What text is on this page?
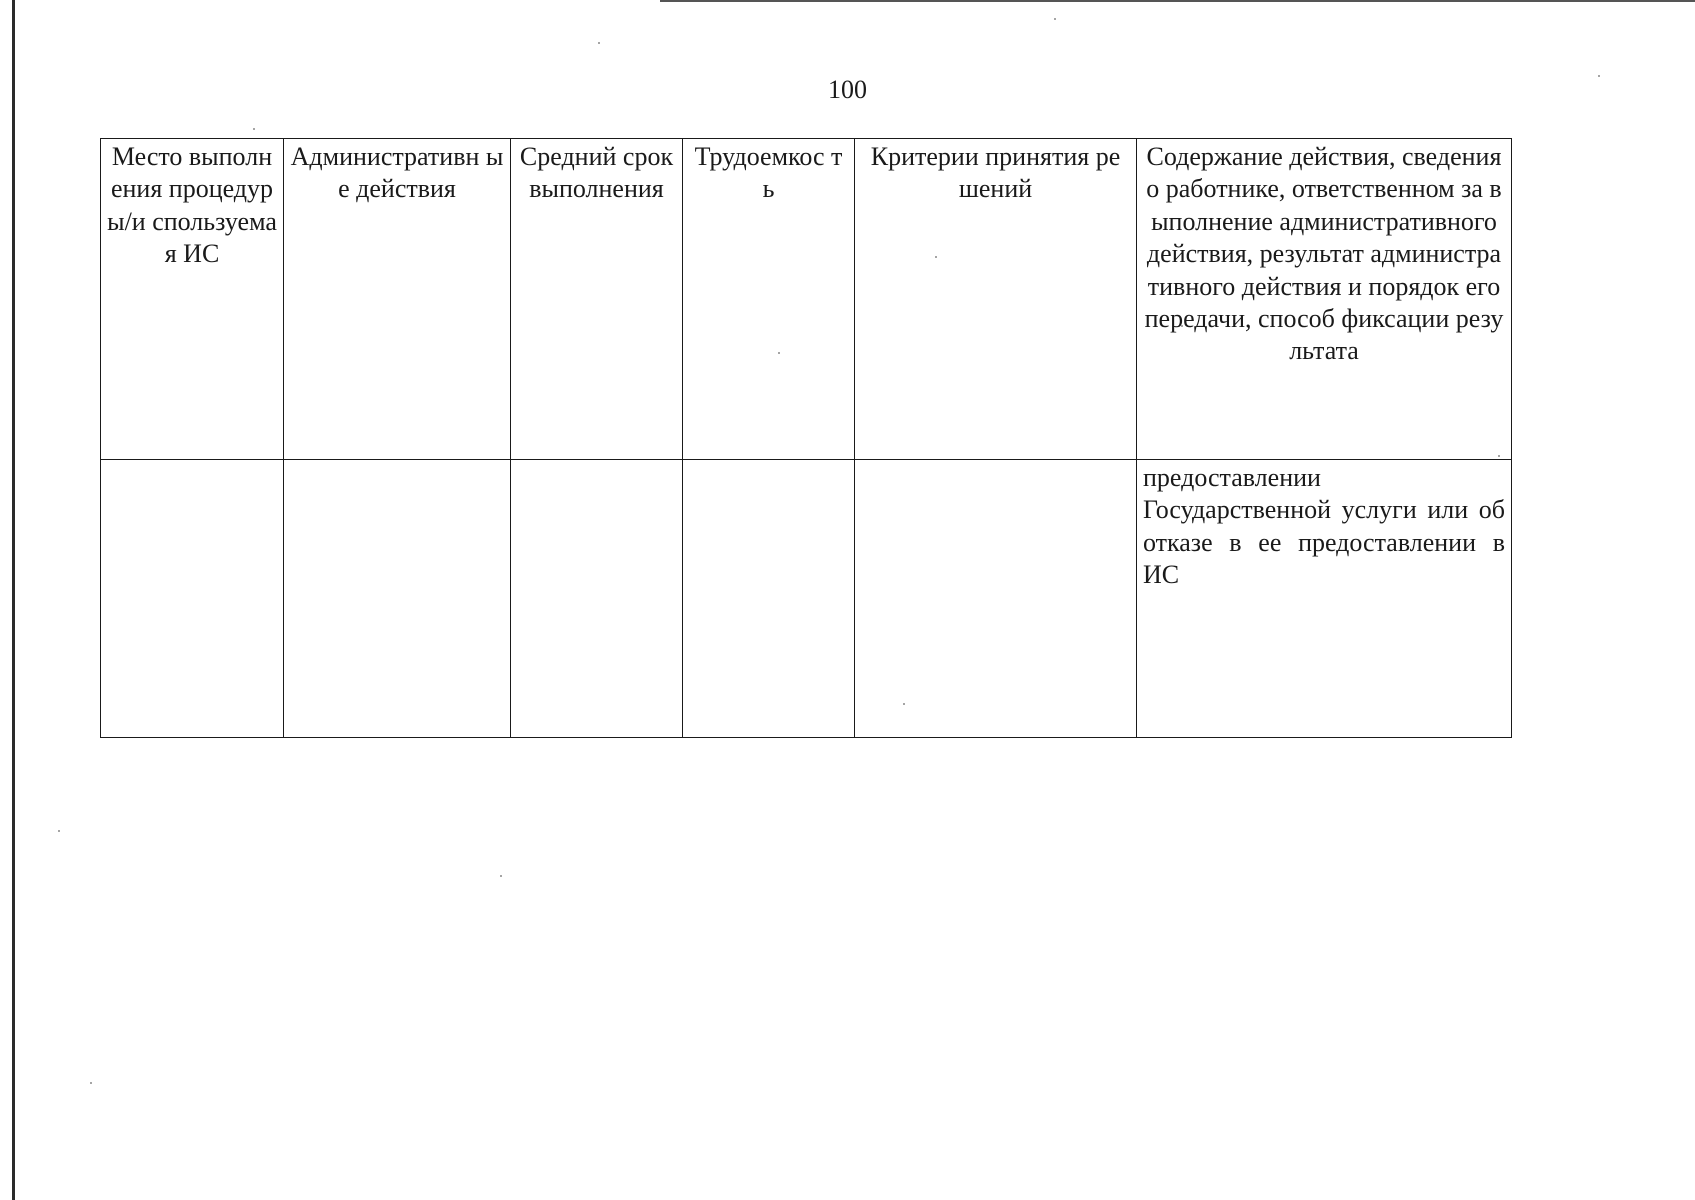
100
Место выполнения процедуры/и спользуемая ИС	Административн ые действия	Средний срок выполнения	Трудоемкос ть	Критерии принятия решений	Содержание действия, сведения о работнике, ответственном за выполнение административного действия, результат административного действия и порядок его передачи, способ фиксации результата
					предоставлении Государственной услуги или об отказе в ее предоставлении в ИС
